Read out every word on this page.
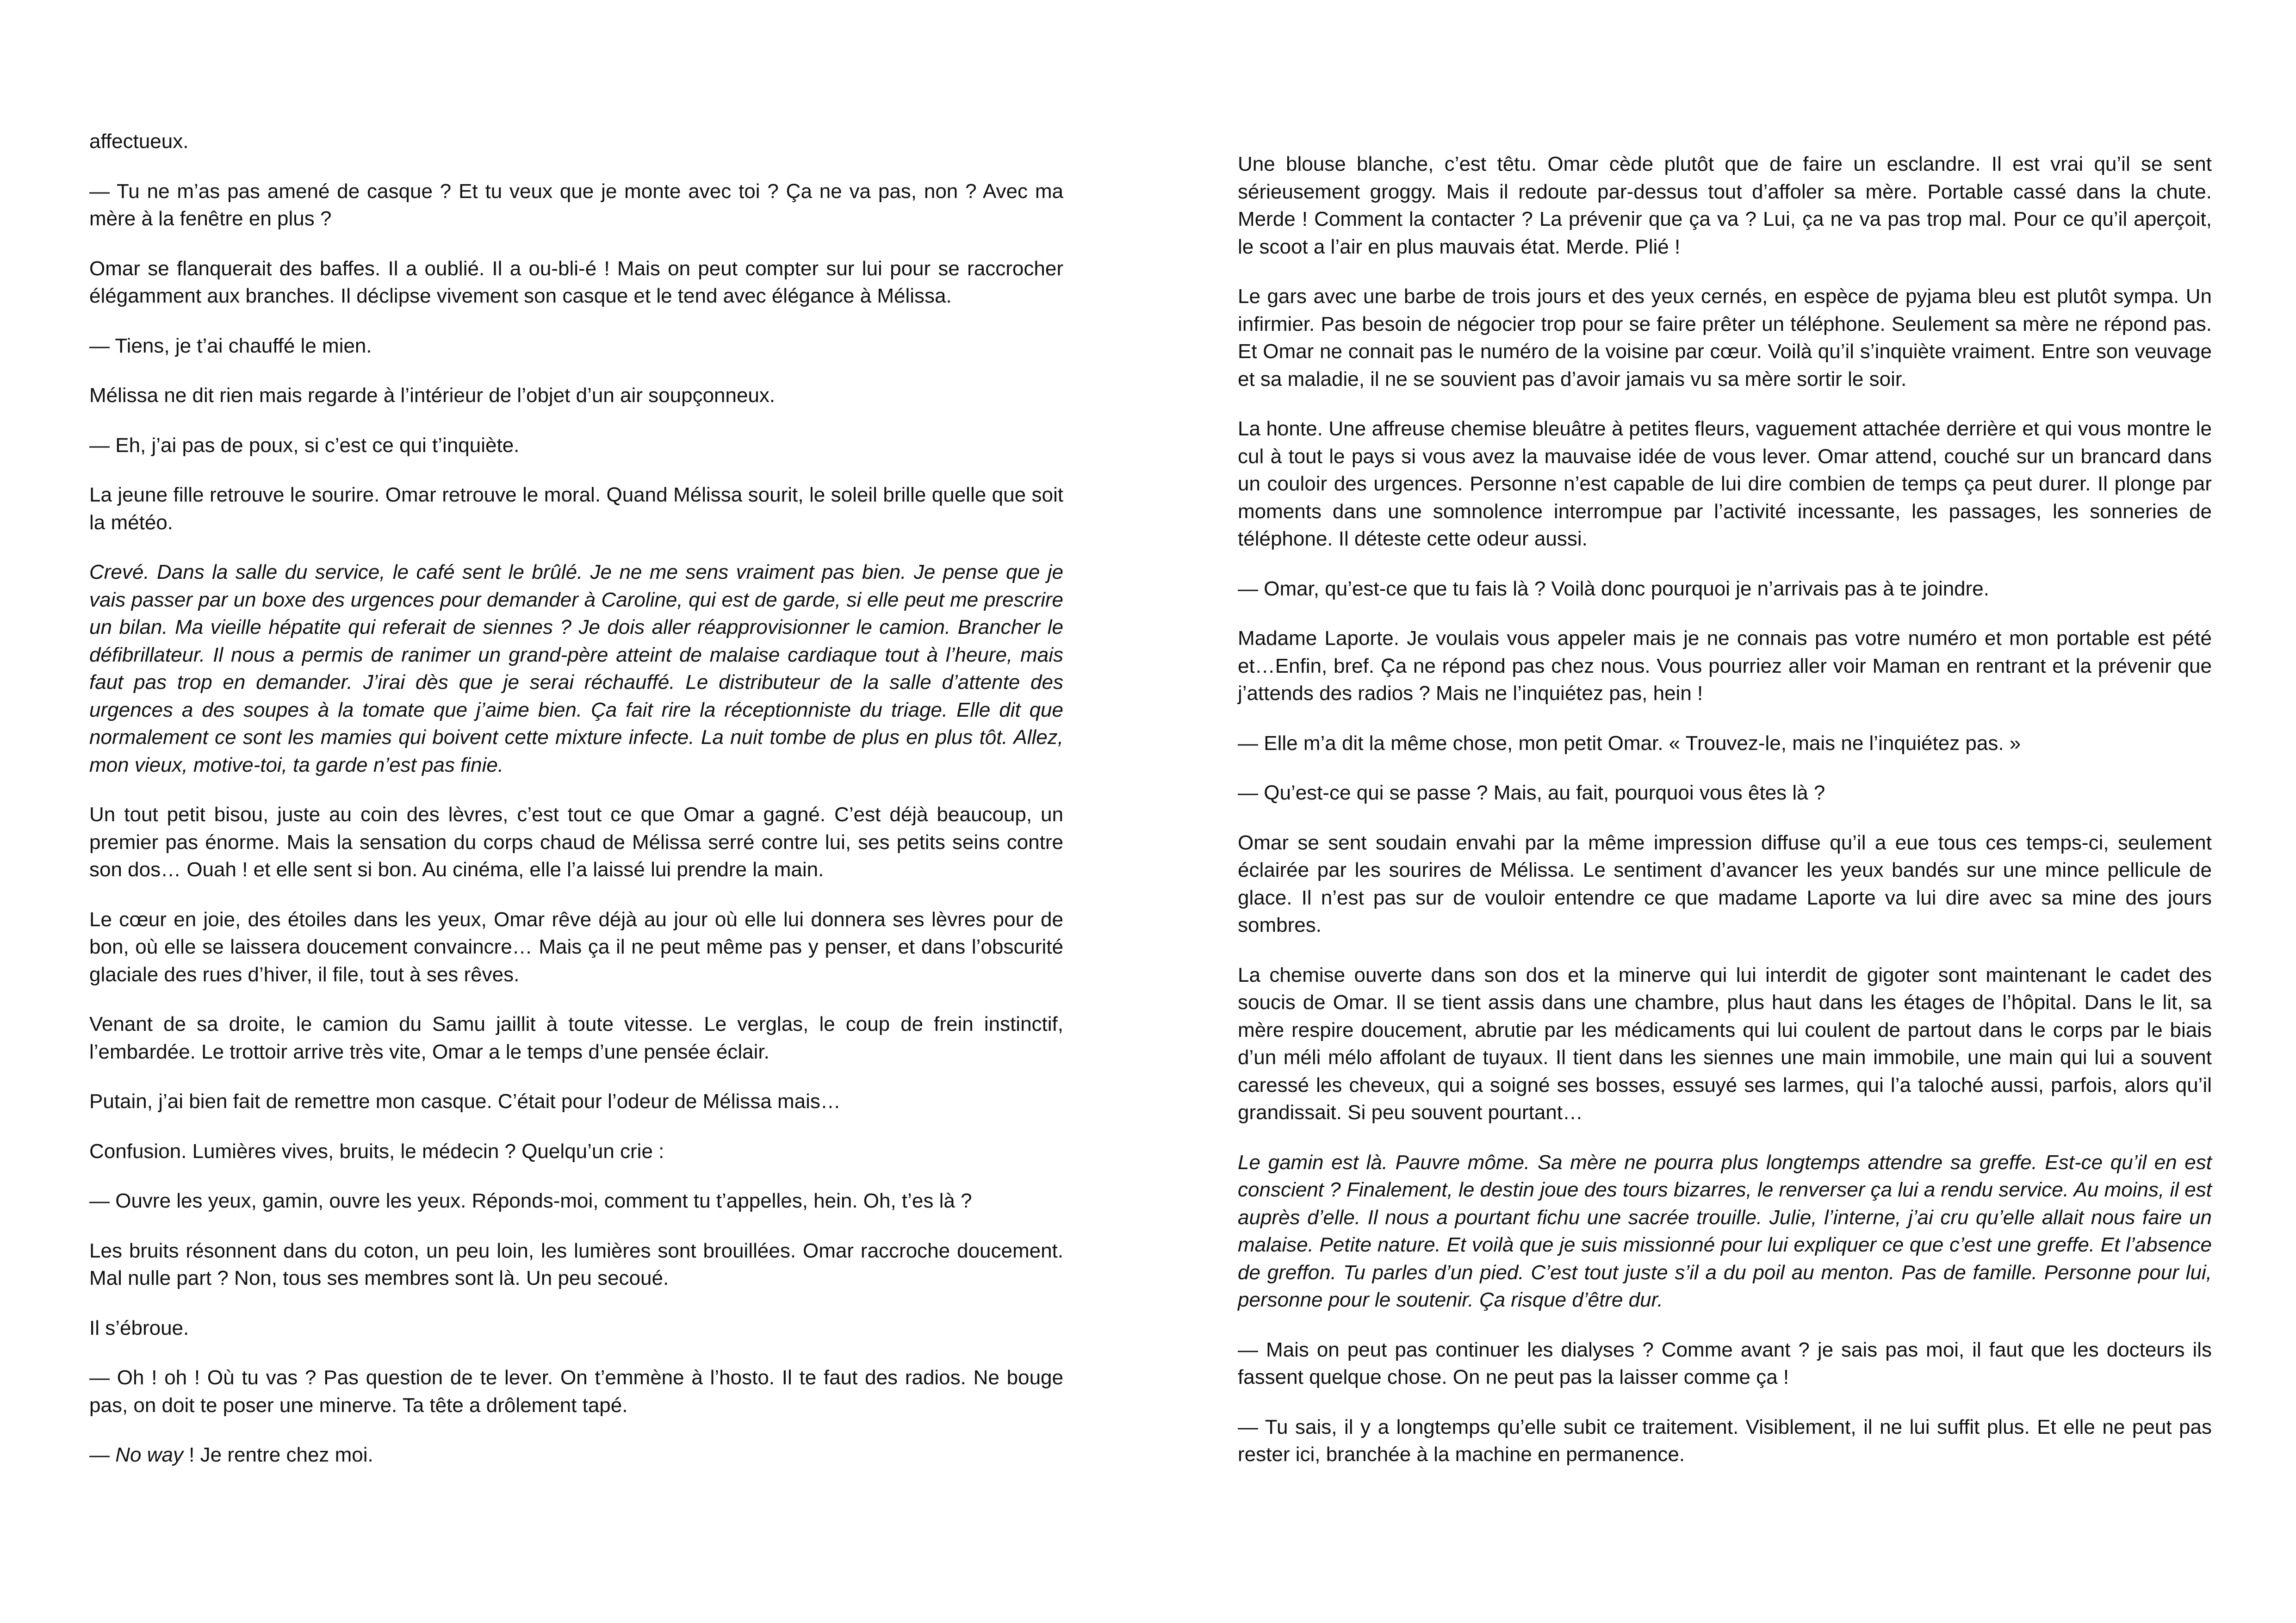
affectueux.

— Tu ne m’as pas amené de casque ? Et tu veux que je monte avec toi ? Ça ne va pas, non ? Avec ma mère à la fenêtre en plus ?

Omar se flanquerait des baffes. Il a oublié. Il a ou-bli-é ! Mais on peut compter sur lui pour se raccrocher élégamment aux branches. Il déclipse vivement son casque et le tend avec élégance à Mélissa.

— Tiens, je t’ai chauffé le mien.

Mélissa ne dit rien mais regarde à l’intérieur de l’objet d’un air soupçonneux.

— Eh, j’ai pas de poux, si c’est ce qui t’inquiète.

La jeune fille retrouve le sourire. Omar retrouve le moral. Quand Mélissa sourit, le soleil brille quelle que soit la météo.

Crevé. Dans la salle du service, le café sent le brûlé. Je ne me sens vraiment pas bien. Je pense que je vais passer par un boxe des urgences pour demander à Caroline, qui est de garde, si elle peut me prescrire un bilan. Ma vieille hépatite qui referait de siennes ? Je dois aller réapprovisionner le camion. Brancher le défibrillateur. Il nous a permis de ranimer un grand-père atteint de malaise cardiaque tout à l’heure, mais faut pas trop en demander. J’irai dès que je serai réchauffé. Le distributeur de la salle d’attente des urgences a des soupes à la tomate que j’aime bien. Ça fait rire la réceptionniste du triage. Elle dit que normalement ce sont les mamies qui boivent cette mixture infecte. La nuit tombe de plus en plus tôt. Allez, mon vieux, motive-toi, ta garde n’est pas finie.

Un tout petit bisou, juste au coin des lèvres, c’est tout ce que Omar a gagné. C’est déjà beaucoup, un premier pas énorme. Mais la sensation du corps chaud de Mélissa serré contre lui, ses petits seins contre son dos… Ouah ! et elle sent si bon. Au cinéma, elle l’a laissé lui prendre la main.

Le cœur en joie, des étoiles dans les yeux, Omar rêve déjà au jour où elle lui donnera ses lèvres pour de bon, où elle se laissera doucement convaincre… Mais ça il ne peut même pas y penser, et dans l’obscurité glaciale des rues d’hiver, il file, tout à ses rêves.

Venant de sa droite, le camion du Samu jaillit à toute vitesse. Le verglas, le coup de frein instinctif, l’embardée. Le trottoir arrive très vite, Omar a le temps d’une pensée éclair.

Putain, j’ai bien fait de remettre mon casque. C’était pour l’odeur de Mélissa mais…

Confusion. Lumières vives, bruits, le médecin ? Quelqu’un crie :

— Ouvre les yeux, gamin, ouvre les yeux. Réponds-moi, comment tu t’appelles, hein. Oh, t’es là ?

Les bruits résonnent dans du coton, un peu loin, les lumières sont brouillées. Omar raccroche doucement. Mal nulle part ? Non, tous ses membres sont là. Un peu secoué.

Il s’ébroue.

— Oh ! oh ! Où tu vas ? Pas question de te lever. On t’emmène à l’hosto. Il te faut des radios. Ne bouge pas, on doit te poser une minerve. Ta tête a drôlement tapé.

— No way ! Je rentre chez moi.

Une blouse blanche, c’est têtu. Omar cède plutôt que de faire un esclandre. Il est vrai qu’il se sent sérieusement groggy. Mais il redoute par-dessus tout d’affoler sa mère. Portable cassé dans la chute. Merde ! Comment la contacter ? La prévenir que ça va ? Lui, ça ne va pas trop mal. Pour ce qu’il aperçoit, le scoot a l’air en plus mauvais état. Merde. Plié !

Le gars avec une barbe de trois jours et des yeux cernés, en espèce de pyjama bleu est plutôt sympa. Un infirmier. Pas besoin de négocier trop pour se faire prêter un téléphone. Seulement sa mère ne répond pas. Et Omar ne connait pas le numéro de la voisine par cœur. Voilà qu’il s’inquiète vraiment. Entre son veuvage et sa maladie, il ne se souvient pas d’avoir jamais vu sa mère sortir le soir.

La honte. Une affreuse chemise bleuâtre à petites fleurs, vaguement attachée derrière et qui vous montre le cul à tout le pays si vous avez la mauvaise idée de vous lever. Omar attend, couché sur un brancard dans un couloir des urgences. Personne n’est capable de lui dire combien de temps ça peut durer. Il plonge par moments dans une somnolence interrompue par l’activité incessante, les passages, les sonneries de téléphone. Il déteste cette odeur aussi.

— Omar, qu’est-ce que tu fais là ? Voilà donc pourquoi je n’arrivais pas à te joindre.

Madame Laporte. Je voulais vous appeler mais je ne connais pas votre numéro et mon portable est pété et…Enfin, bref. Ça ne répond pas chez nous. Vous pourriez aller voir Maman en rentrant et la prévenir que j’attends des radios ? Mais ne l’inquiétez pas, hein !

— Elle m’a dit la même chose, mon petit Omar. « Trouvez-le, mais ne l’inquiétez pas. »

— Qu’est-ce qui se passe ? Mais, au fait, pourquoi vous êtes là ?

Omar se sent soudain envahi par la même impression diffuse qu’il a eue tous ces temps-ci, seulement éclairée par les sourires de Mélissa. Le sentiment d’avancer les yeux bandés sur une mince pellicule de glace. Il n’est pas sur de vouloir entendre ce que madame Laporte va lui dire avec sa mine des jours sombres.

La chemise ouverte dans son dos et la minerve qui lui interdit de gigoter sont maintenant le cadet des soucis de Omar. Il se tient assis dans une chambre, plus haut dans les étages de l’hôpital. Dans le lit, sa mère respire doucement, abrutie par les médicaments qui lui coulent de partout dans le corps par le biais d’un méli mélo affolant de tuyaux. Il tient dans les siennes une main immobile, une main qui lui a souvent caressé les cheveux, qui a soigné ses bosses, essuyé ses larmes, qui l’a taloché aussi, parfois, alors qu’il grandissait. Si peu souvent pourtant…

Le gamin est là. Pauvre môme. Sa mère ne pourra plus longtemps attendre sa greffe. Est-ce qu’il en est conscient ? Finalement, le destin joue des tours bizarres, le renverser ça lui a rendu service. Au moins, il est auprès d’elle. Il nous a pourtant fichu une sacrée trouille. Julie, l’interne, j’ai cru qu’elle allait nous faire un malaise. Petite nature. Et voilà que je suis missionné pour lui expliquer ce que c’est une greffe. Et l’absence de greffon. Tu parles d’un pied. C’est tout juste s’il a du poil au menton. Pas de famille. Personne pour lui, personne pour le soutenir. Ça risque d’être dur.

— Mais on peut pas continuer les dialyses ? Comme avant ? je sais pas moi, il faut que les docteurs ils fassent quelque chose. On ne peut pas la laisser comme ça !

— Tu sais, il y a longtemps qu’elle subit ce traitement. Visiblement, il ne lui suffit plus. Et elle ne peut pas rester ici, branchée à la machine en permanence.
